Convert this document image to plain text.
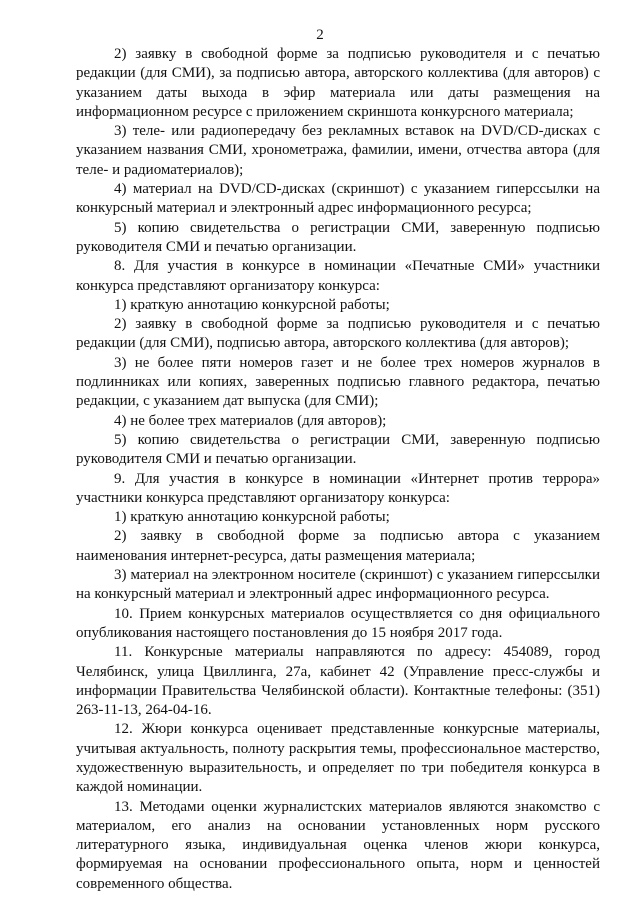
2

2) заявку в свободной форме за подписью руководителя и с печатью редакции (для СМИ), за подписью автора, авторского коллектива (для авторов) с указанием даты выхода в эфир материала или даты размещения на информационном ресурсе с приложением скриншота конкурсного материала;

3) теле- или радиопередачу без рекламных вставок на DVD/CD-дисках с указанием названия СМИ, хронометража, фамилии, имени, отчества автора (для теле- и радиоматериалов);

4) материал на DVD/CD-дисках (скриншот) с указанием гиперссылки на конкурсный материал и электронный адрес информационного ресурса;

5) копию свидетельства о регистрации СМИ, заверенную подписью руководителя СМИ и печатью организации.

8. Для участия в конкурсе в номинации «Печатные СМИ» участники конкурса представляют организатору конкурса:

1) краткую аннотацию конкурсной работы;

2) заявку в свободной форме за подписью руководителя и с печатью редакции (для СМИ), подписью автора, авторского коллектива (для авторов);

3) не более пяти номеров газет и не более трех номеров журналов в подлинниках или копиях, заверенных подписью главного редактора, печатью редакции, с указанием дат выпуска (для СМИ);

4) не более трех материалов (для авторов);

5) копию свидетельства о регистрации СМИ, заверенную подписью руководителя СМИ и печатью организации.

9. Для участия в конкурсе в номинации «Интернет против террора» участники конкурса представляют организатору конкурса:

1) краткую аннотацию конкурсной работы;

2) заявку в свободной форме за подписью автора с указанием наименования интернет-ресурса, даты размещения материала;

3) материал на электронном носителе (скриншот) с указанием гиперссылки на конкурсный материал и электронный адрес информационного ресурса.

10. Прием конкурсных материалов осуществляется со дня официального опубликования настоящего постановления до 15 ноября 2017 года.

11. Конкурсные материалы направляются по адресу: 454089, город Челябинск, улица Цвиллинга, 27а, кабинет 42 (Управление пресс-службы и информации Правительства Челябинской области). Контактные телефоны: (351) 263-11-13, 264-04-16.

12. Жюри конкурса оценивает представленные конкурсные материалы, учитывая актуальность, полноту раскрытия темы, профессиональное мастерство, художественную выразительность, и определяет по три победителя конкурса в каждой номинации.

13. Методами оценки журналистских материалов являются знакомство с материалом, его анализ на основании установленных норм русского литературного языка, индивидуальная оценка членов жюри конкурса, формируемая на основании профессионального опыта, норм и ценностей современного общества.
